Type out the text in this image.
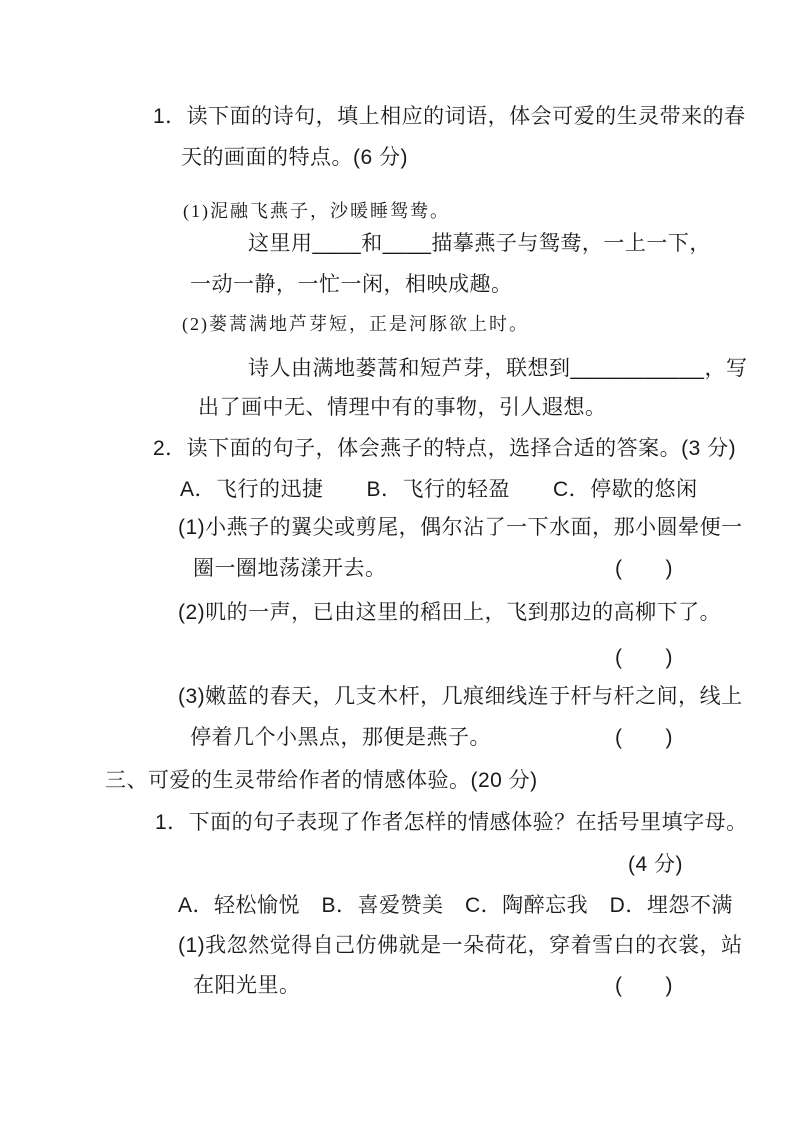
1．读下面的诗句，填上相应的词语，体会可爱的生灵带来的春
天的画面的特点。(6 分)
(1)泥融飞燕子，沙暖睡鸳鸯。
这里用____和____描摹燕子与鸳鸯，一上一下，
一动一静，一忙一闲，相映成趣。
(2)蒌蒿满地芦芽短，正是河豚欲上时。
诗人由满地蒌蒿和短芦芽，联想到___________，写
出了画中无、情理中有的事物，引人遐想。
2．读下面的句子，体会燕子的特点，选择合适的答案。(3 分)
A．飞行的迅捷　　B．飞行的轻盈　　C．停歇的悠闲
(1)小燕子的翼尖或剪尾，偶尔沾了一下水面，那小圆晕便一
圈一圈地荡漾开去。	(　　)
(2)叽的一声，已由这里的稻田上，飞到那边的高柳下了。
(　　)
(3)嫩蓝的春天，几支木杆，几痕细线连于杆与杆之间，线上
停着几个小黑点，那便是燕子。	(　　)
三、可爱的生灵带给作者的情感体验。(20 分)
1．下面的句子表现了作者怎样的情感体验？在括号里填字母。
(4 分)
A．轻松愉悦　B．喜爱赞美　C．陶醉忘我　D．埋怨不满
(1)我忽然觉得自己仿佛就是一朵荷花，穿着雪白的衣裳，站
在阳光里。	(　　)
